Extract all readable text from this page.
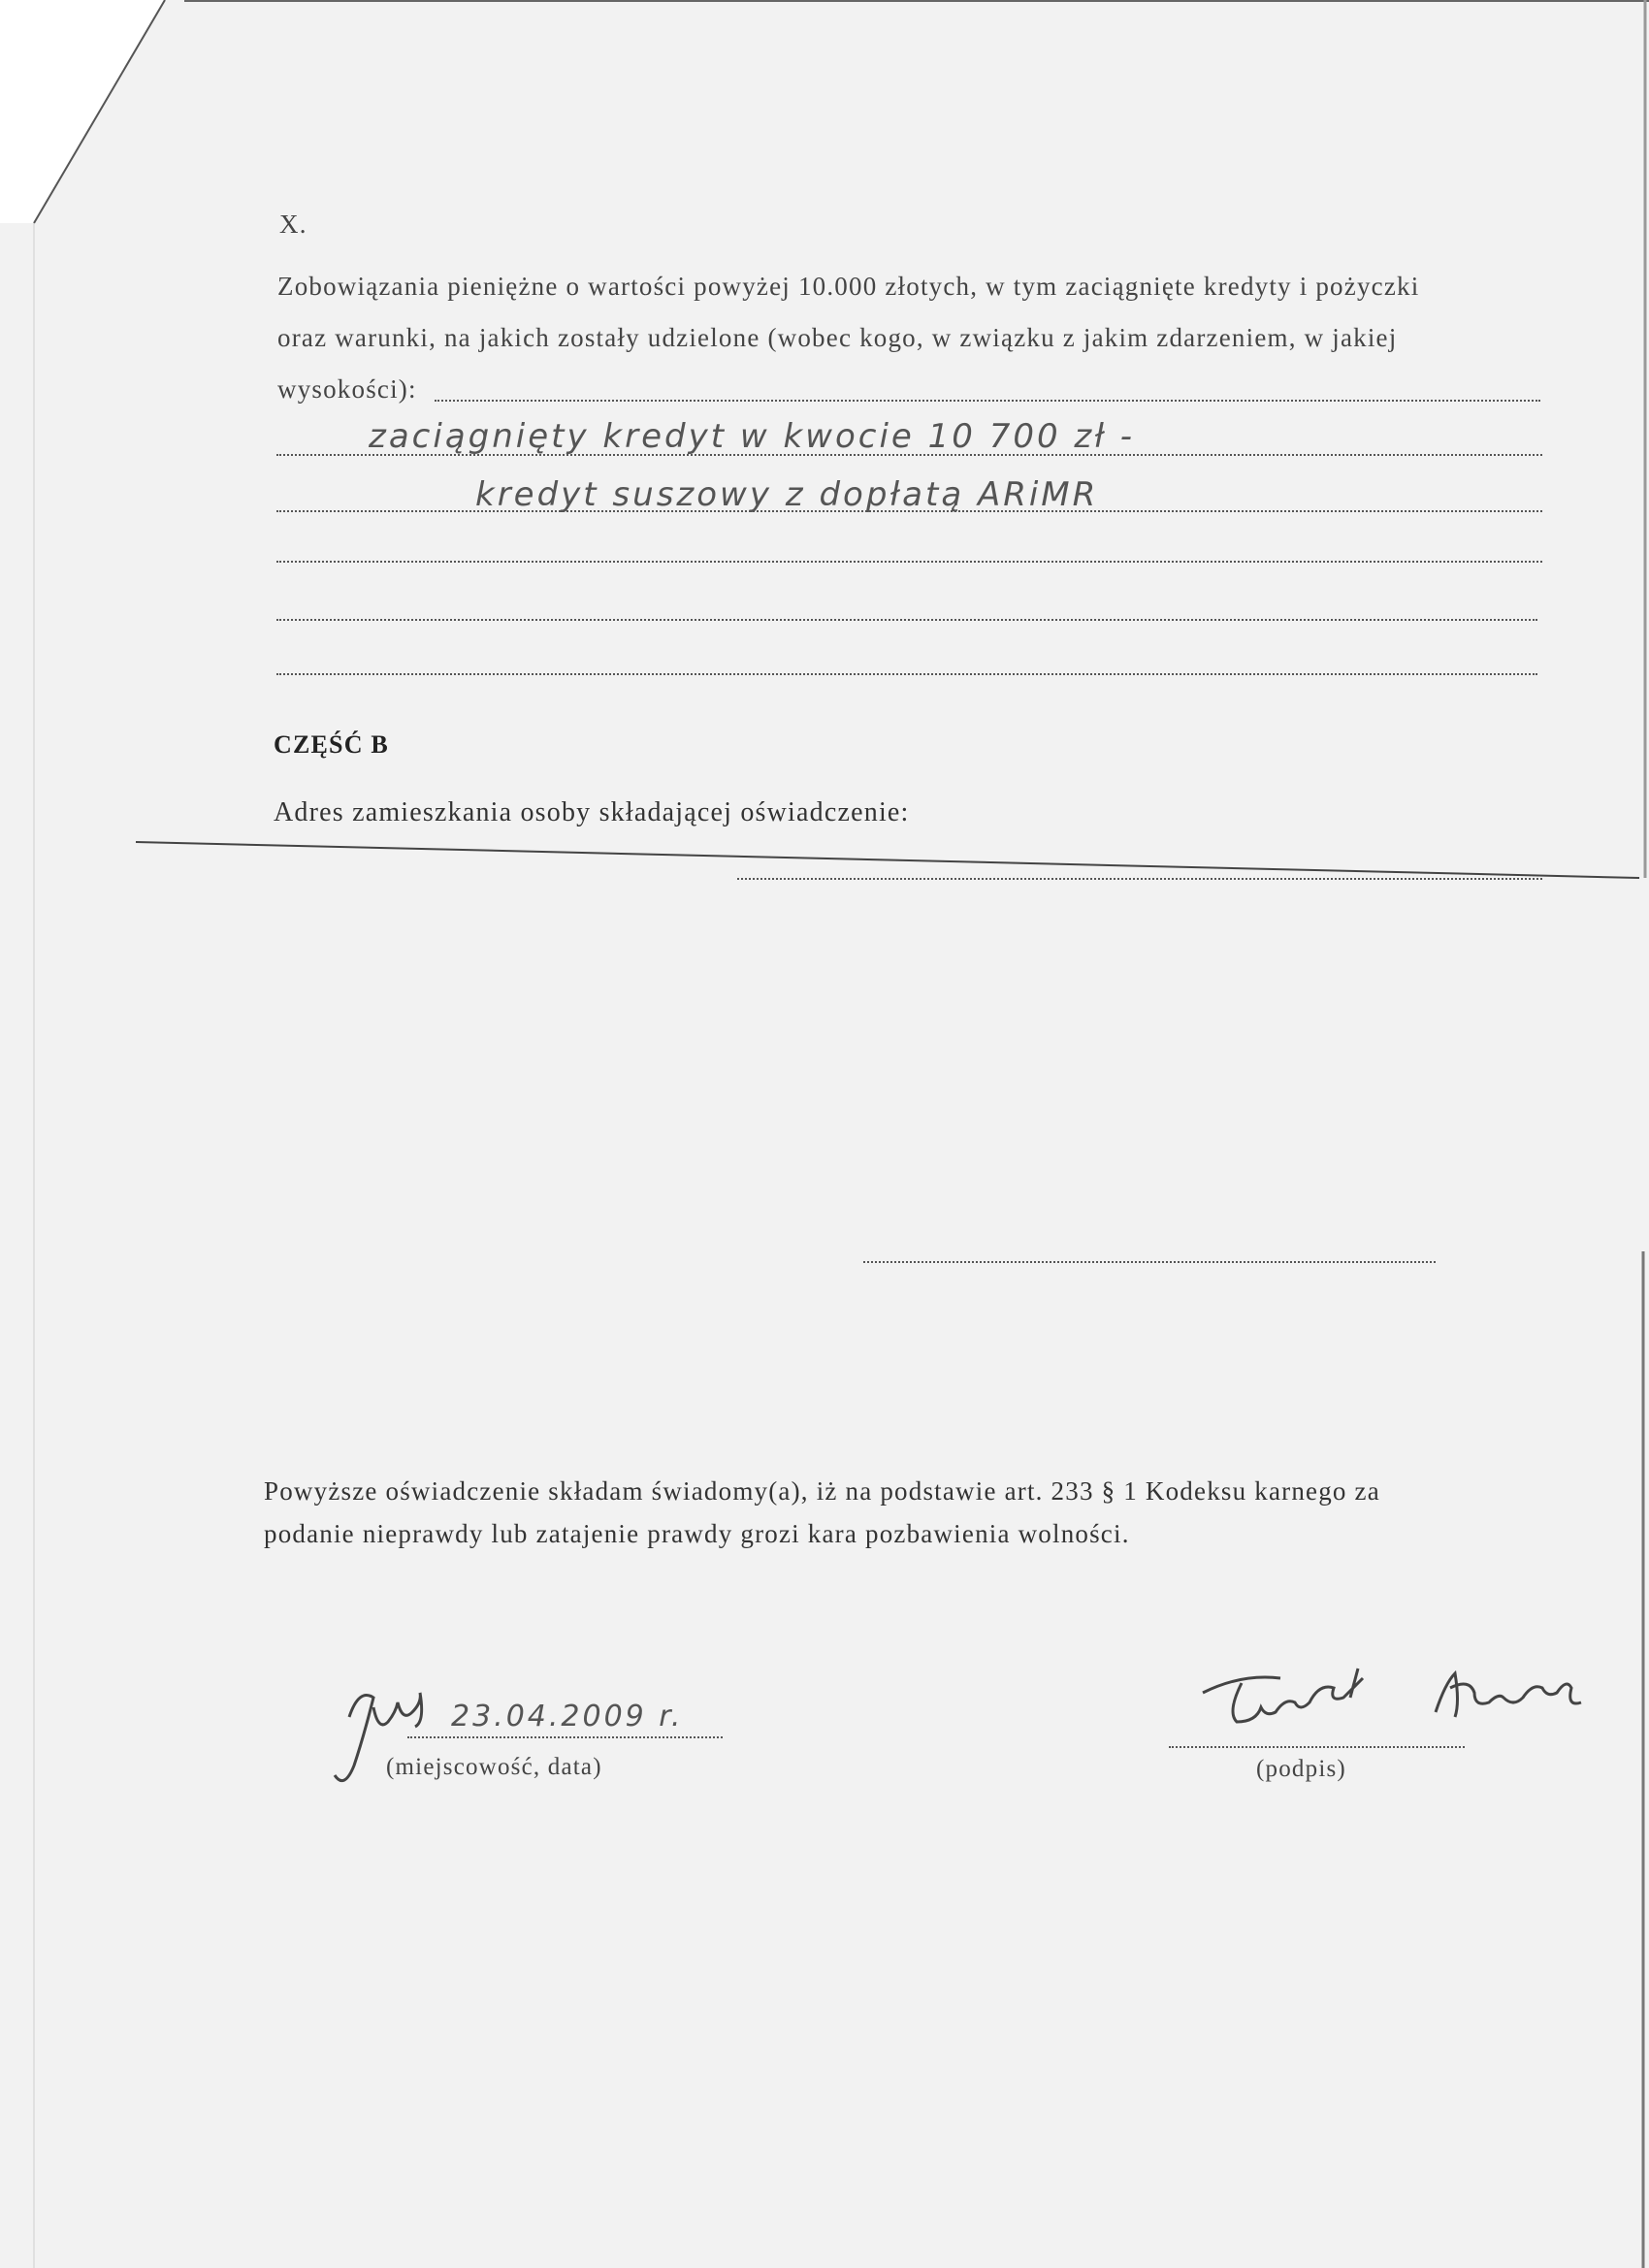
X.
Zobowiązania pieniężne o wartości powyżej 10.000 złotych, w tym zaciągnięte kredyty i pożyczki
oraz warunki, na jakich zostały udzielone (wobec kogo, w związku z jakim zdarzeniem, w jakiej
wysokości):
zaciągnięty kredyt w kwocie 10 700 zł -
kredyt suszowy z dopłatą ARiMR
CZĘŚĆ B
Adres zamieszkania osoby składającej oświadczenie:
Powyższe oświadczenie składam świadomy(a), iż na podstawie art. 233 § 1 Kodeksu karnego za
podanie nieprawdy lub zatajenie prawdy grozi kara pozbawienia wolności.
23.04.2009 r.
(miejscowość, data)	(podpis)
